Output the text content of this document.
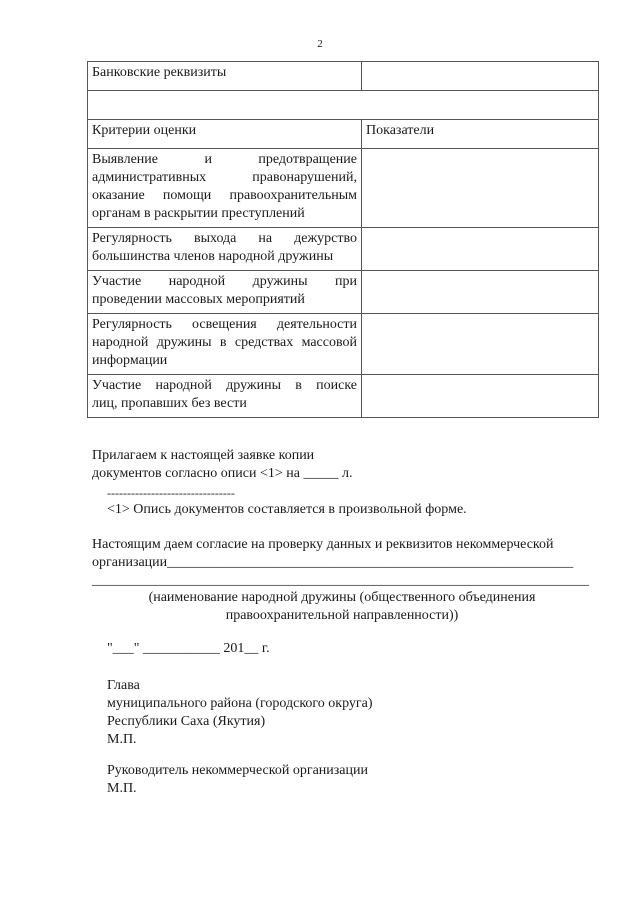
2
Банковские реквизиты	

Критерии оценки	Показатели

Выявление и предотвращение
административных правонарушений,
оказание помощи правоохранительным
органам в раскрытии преступлений	

Регулярность выхода на дежурство
большинства членов народной дружины	

Участие народной дружины при
проведении массовых мероприятий	

Регулярность освещения деятельности
народной дружины в средствах массовой
информации	

Участие народной дружины в поиске
лиц, пропавших без вести	

Прилагаем к настоящей заявке копии
документов согласно описи <1> на _____ л.
--------------------------------
<1> Опись документов составляется в произвольной форме.
Настоящим даем согласие на проверку данных и реквизитов некоммерческой
организации__________________________________________________________
_______________________________________________________________________
(наименование народной дружины (общественного объединения
правоохранительной направленности))
"___" ___________ 201__ г.
Глава
муниципального района (городского округа)
Республики Саха (Якутия)
М.П.
Руководитель некоммерческой организации
М.П.
